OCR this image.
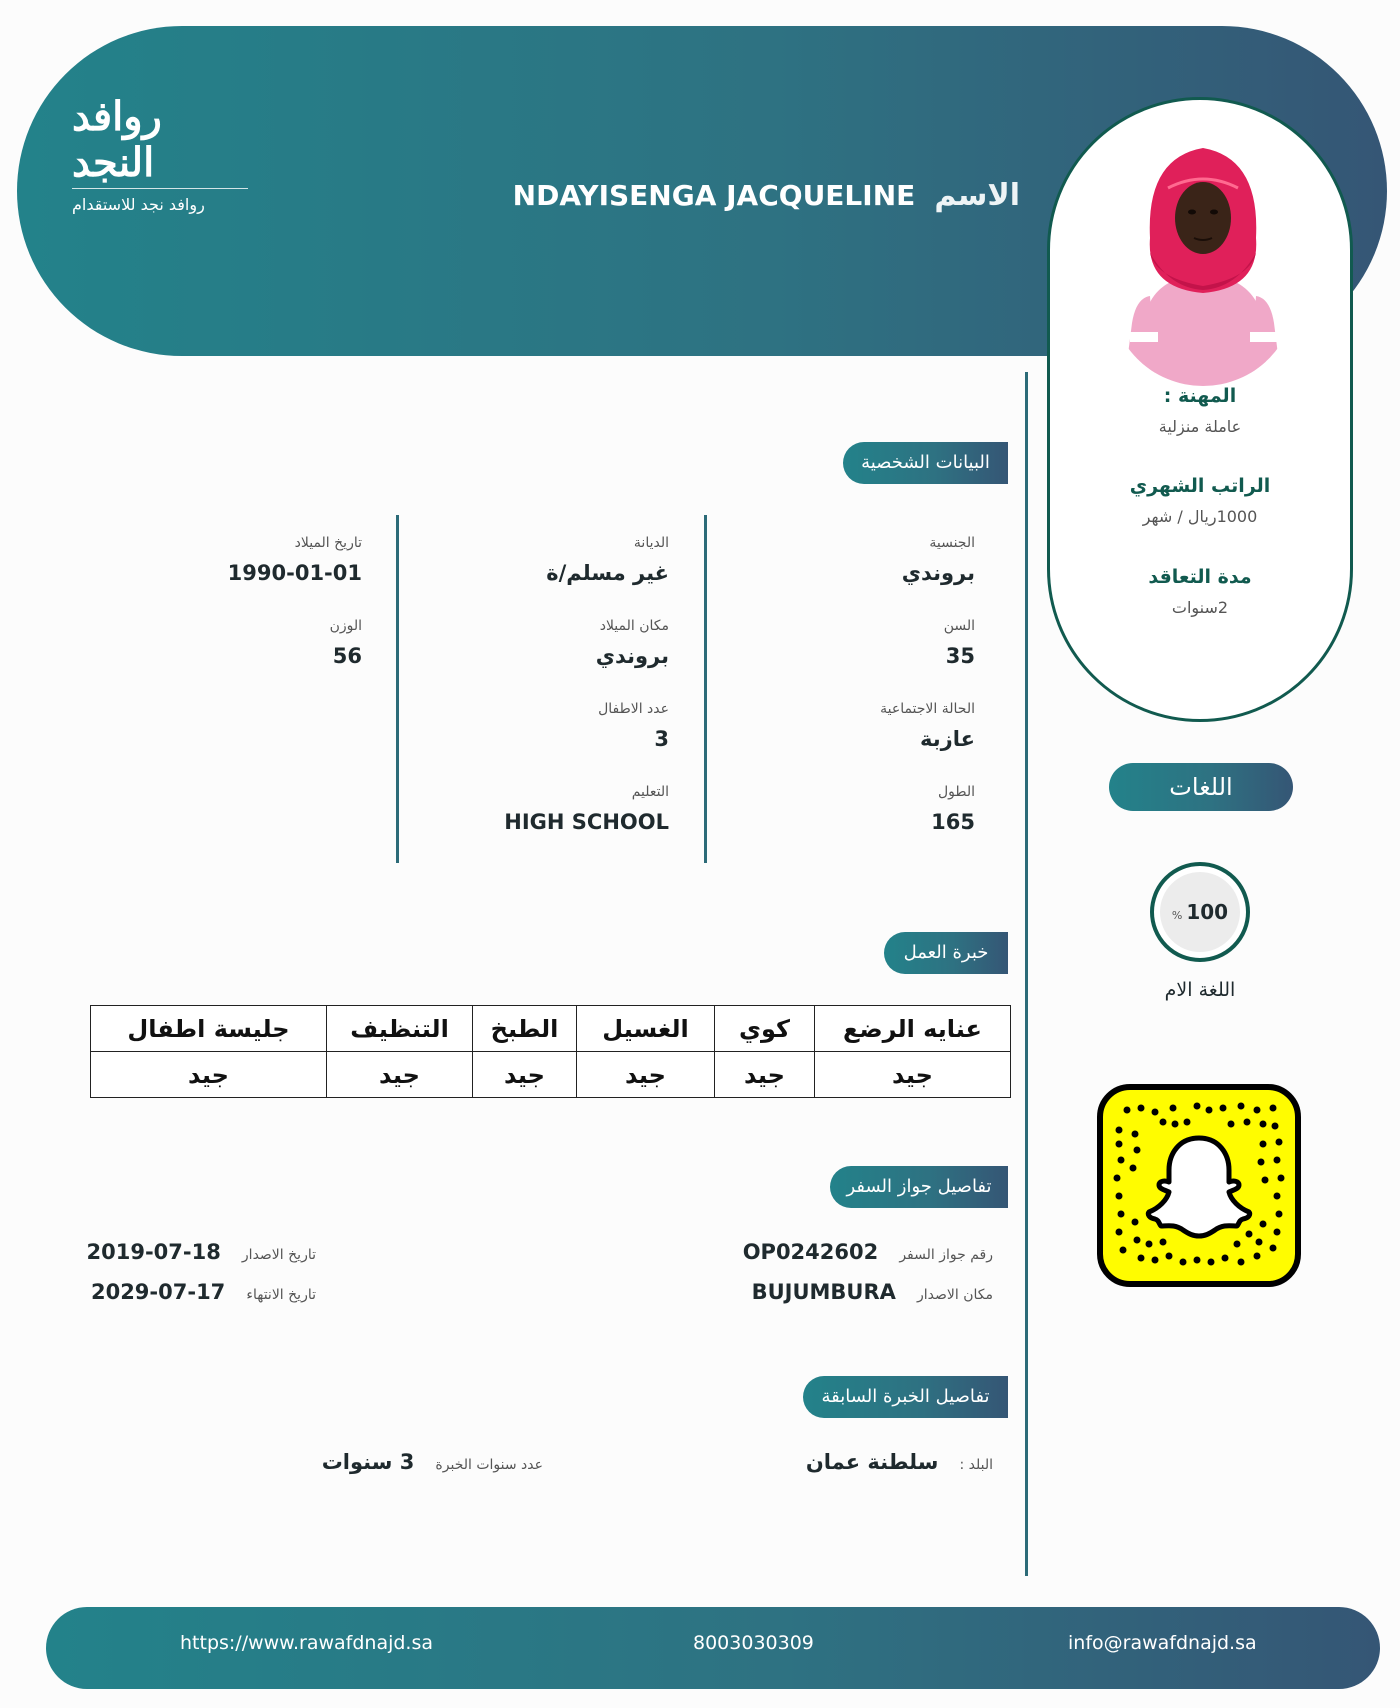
روافد النجد
روافد نجد للاستقدام	الاسم NDAYISENGA JACQUELINE
المهنة :
عاملة منزلية
الراتب الشهري
1000ريال / شهر
مدة التعاقد
2سنوات
البيانات الشخصية
الجنسية
بروندي
السن
35
الحالة الاجتماعية
عازبة
الطول
165
الديانة
غير مسلم/ة
مكان الميلاد
بروندي
عدد الاطفال
3
التعليم
HIGH SCHOOL
تاريخ الميلاد
1990-01-01
الوزن
56
خبرة العمل
عنايه الرضع	كوي	الغسيل	الطبخ	التنظيف	جليسة اطفال
جيد	جيد	جيد	جيد	جيد	جيد
تفاصيل جواز السفر
رقم جواز السفر OP0242602
مكان الاصدار BUJUMBURA
تاريخ الاصدار 2019-07-18
تاريخ الانتهاء 2029-07-17
تفاصيل الخبرة السابقة
البلد : سلطنة عمان
عدد سنوات الخبرة 3 سنوات
اللغات
% 100
اللغة الام
https://www.rawafdnajd.sa	8003030309	info@rawafdnajd.sa
